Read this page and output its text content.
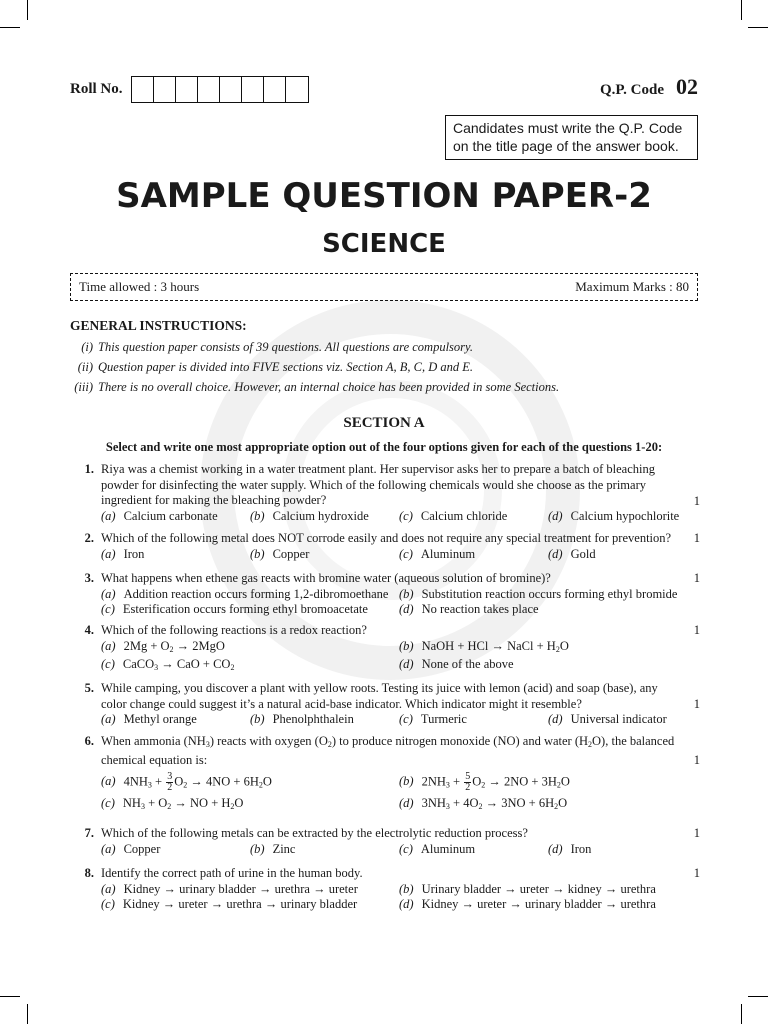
Roll No.	Q.P. Code 02
Candidates must write the Q.P. Code on the title page of the answer book.
SAMPLE QUESTION PAPER-2
SCIENCE
Time allowed : 3 hours	Maximum Marks : 80
GENERAL INSTRUCTIONS:
(i) This question paper consists of 39 questions. All questions are compulsory.
(ii) Question paper is divided into FIVE sections viz. Section A, B, C, D and E.
(iii) There is no overall choice. However, an internal choice has been provided in some Sections.
SECTION A
Select and write one most appropriate option out of the four options given for each of the questions 1-20:
1. Riya was a chemist working in a water treatment plant. Her supervisor asks her to prepare a batch of bleaching powder for disinfecting the water supply. Which of the following chemicals would she choose as the primary ingredient for making the bleaching powder?	1
(a) Calcium carbonate	(b) Calcium hydroxide	(c) Calcium chloride	(d) Calcium hypochlorite
2. Which of the following metal does NOT corrode easily and does not require any special treatment for prevention?	1
(a) Iron	(b) Copper	(c) Aluminum	(d) Gold
3. What happens when ethene gas reacts with bromine water (aqueous solution of bromine)?	1
(a) Addition reaction occurs forming 1,2-dibromoethane (b) Substitution reaction occurs forming ethyl bromide
(c) Esterification occurs forming ethyl bromoacetate	(d) No reaction takes place
4. Which of the following reactions is a redox reaction?	1
(a) $2Mg + O_2 \to 2MgO$	(b) NaOH + HCl → NaCl + $H_2O$
(c) CaCO$_3$ → CaO + $CO_2$	(d) None of the above
5. While camping, you discover a plant with yellow roots. Testing its juice with lemon (acid) and soap (base), any color change could suggest it’s a natural acid-base indicator. Which indicator might it resemble?	1
(a) Methyl orange	(b) Phenolphthalein	(c) Turmeric	(d) Universal indicator
6. When ammonia $(NH_3)$ reacts with oxygen $(O_2)$ to produce nitrogen monoxide (NO) and water $(H_2O)$, the balanced chemical equation is:	1
(a) $4NH_3 + \frac{3}{2} O_2 \to 4NO + 6H_2O$	(b) $2NH_3 + \frac{5}{2} O_2 \to 2NO + 3H_2O$
(c) $NH_3 + O_2$ → NO + $H_2O$	(d) $3NH_3 + 4O_2 \to 3NO + 6H_2O$
7. Which of the following metals can be extracted by the electrolytic reduction process?	1
(a) Copper	(b) Zinc	(c) Aluminum	(d) Iron
8. Identify the correct path of urine in the human body.	1
(a) Kidney → urinary bladder → urethra → ureter	(b) Urinary bladder → ureter → kidney → urethra
(c) Kidney → ureter → urethra → urinary bladder	(d) Kidney → ureter → urinary bladder → urethra
